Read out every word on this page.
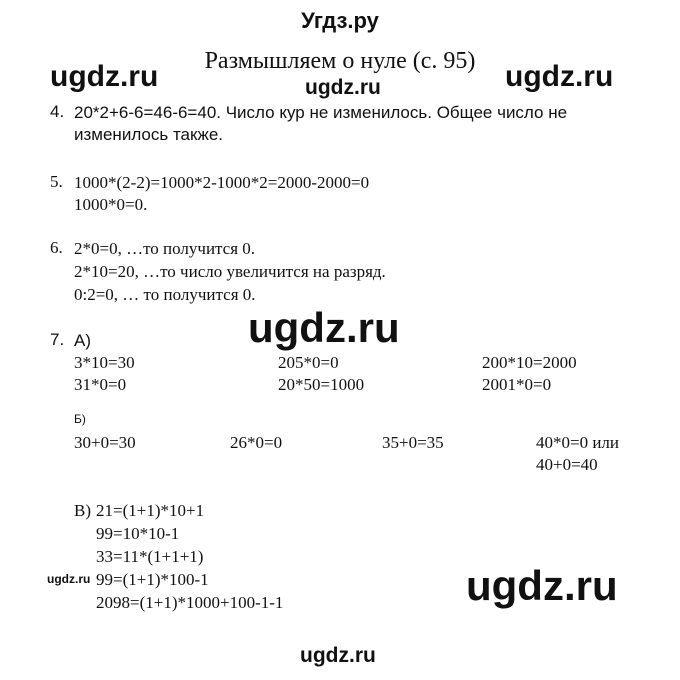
Угдз.ру
Размышляем о нуле (с. 95)
ugdz.ru	ugdz.ru	ugdz.ru
ugdz.ru
ugdz.ru	ugdz.ru
ugdz.ru
4. 20*2+6-6=46-6=40. Число кур не изменилось. Общее число не
изменилось также.
5. 1000*(2-2)=1000*2-1000*2=2000-2000=0
1000*0=0.
6. 2*0=0, …то получится 0.
2*10=20, …то число увеличится на разряд.
0:2=0, … то получится 0.
7. А)
3*10=30	205*0=0	200*10=2000
31*0=0	20*50=1000	2001*0=0
Б)
30+0=30	26*0=0	35+0=35	40*0=0 или
40+0=40
В) 21=(1+1)*10+1
99=10*10-1
33=11*(1+1+1)
99=(1+1)*100-1
2098=(1+1)*1000+100-1-1
